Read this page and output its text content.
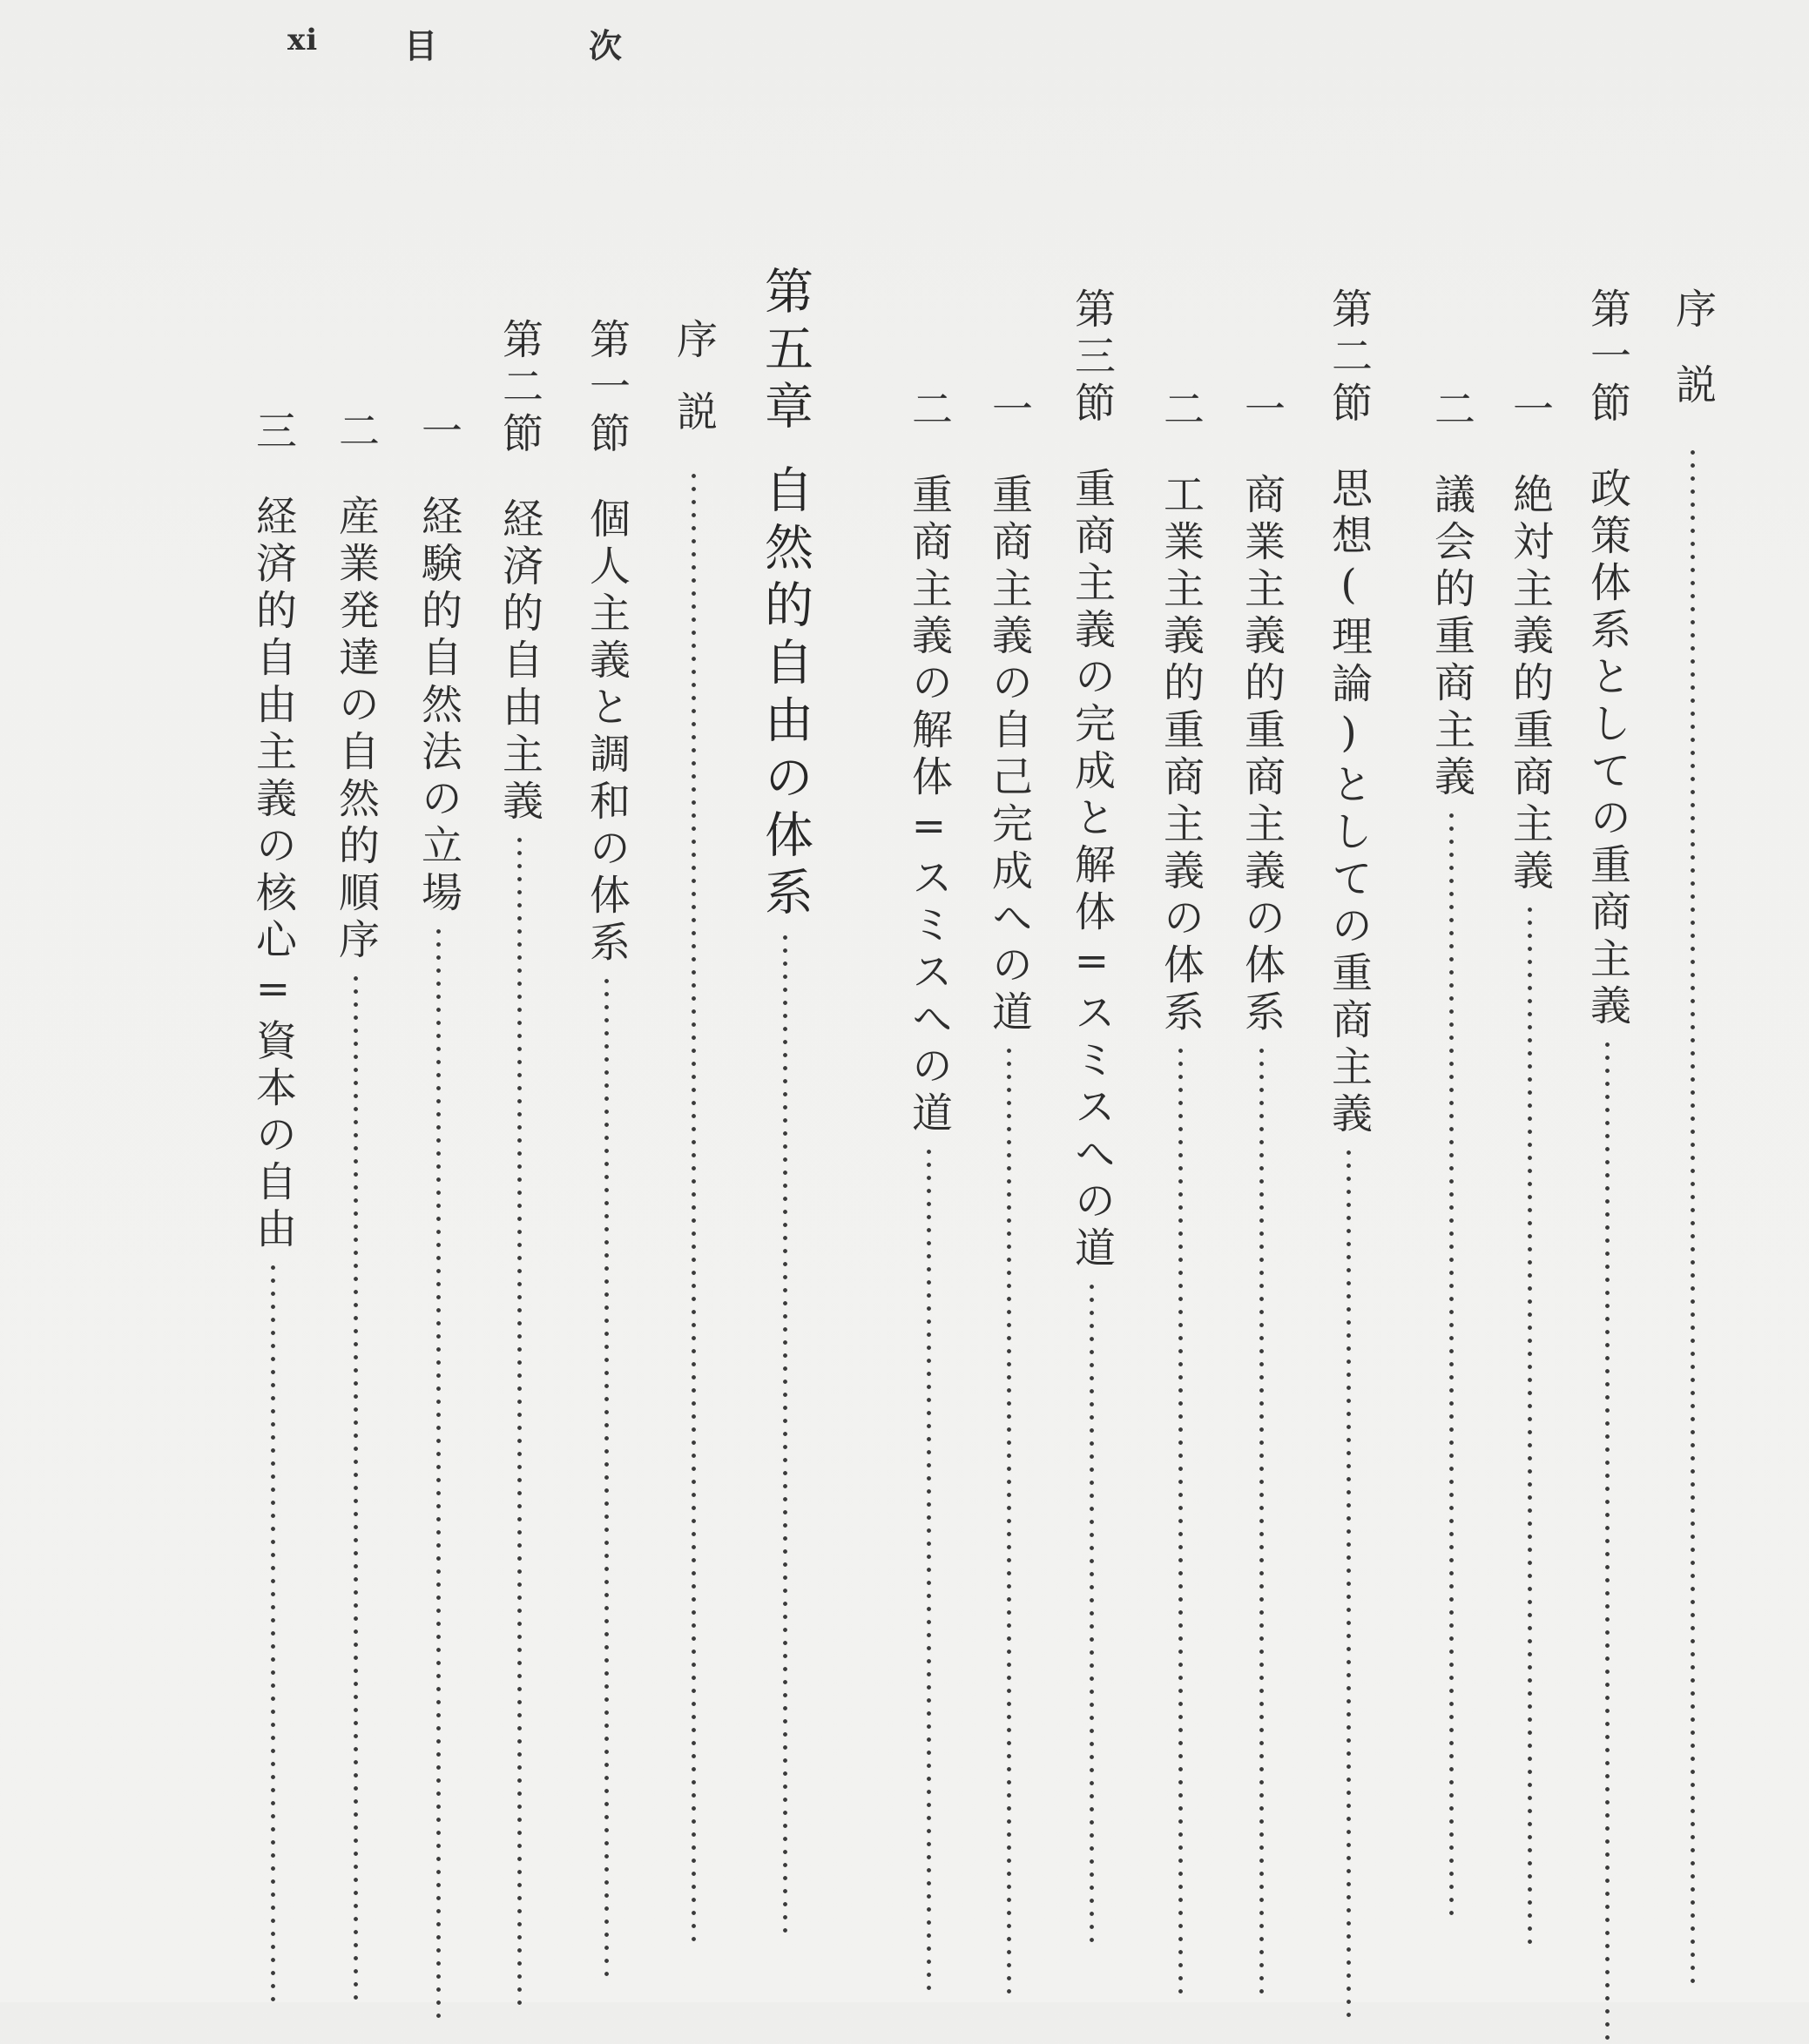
xi	目	次
序説
第一節政策体系としての重商主義
一絶対主義的重商主義
二議会的重商主義
第二節思想(理論)としての重商主義
一商業主義的重商主義の体系
二工業主義的重商主義の体系
第三節重商主義の完成と解体=スミスへの道
一重商主義の自己完成への道
二重商主義の解体=スミスへの道
第五章自然的自由の体系
序説
第一節個人主義と調和の体系
第二節経済的自由主義
一経験的自然法の立場
二産業発達の自然的順序
三経済的自由主義の核心=資本の自由
